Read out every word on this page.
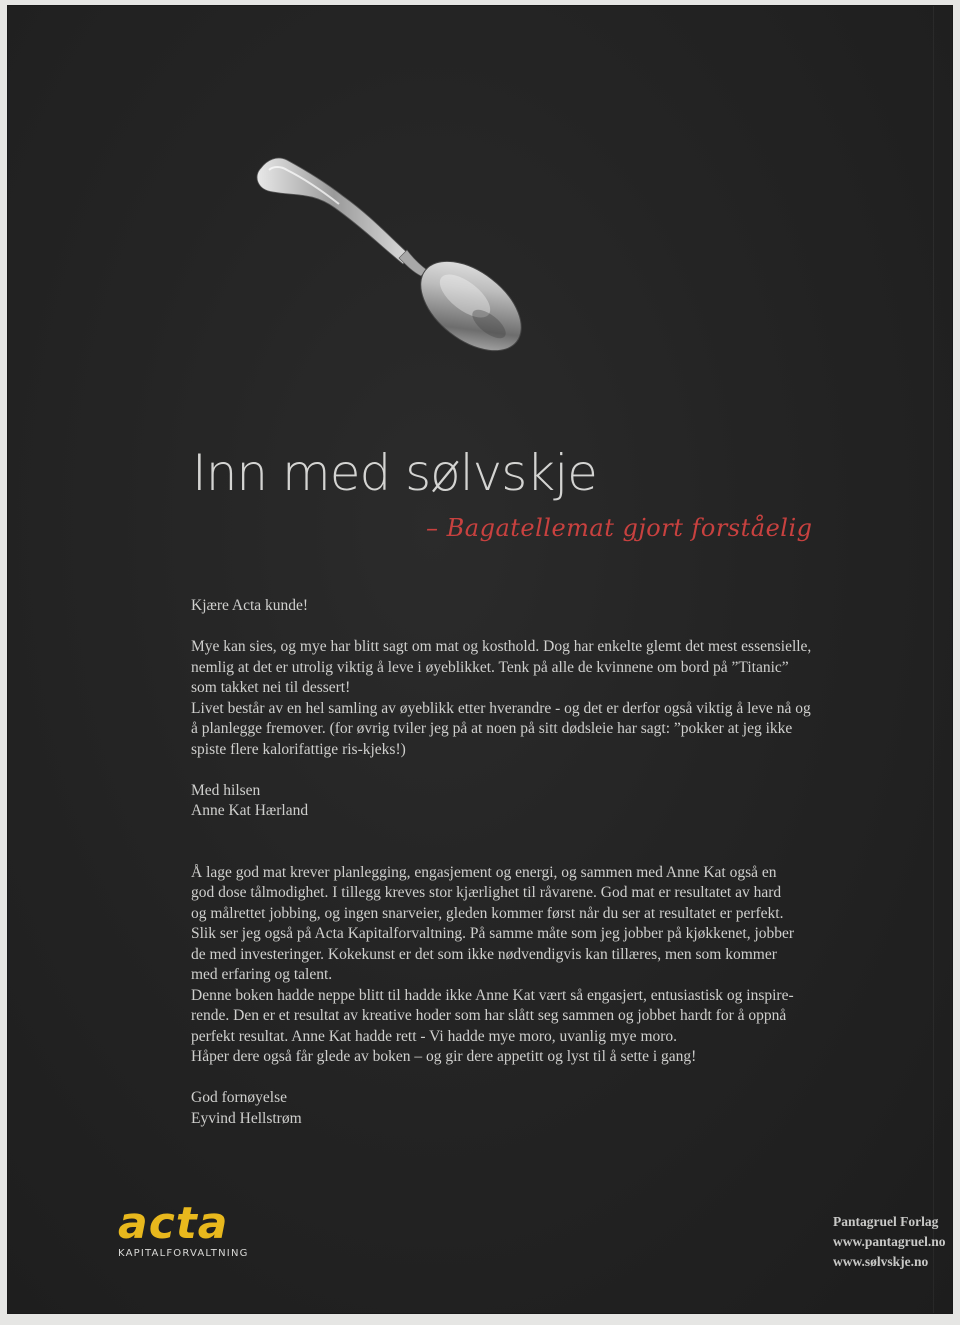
Inn med sølvskje
– Bagatellemat gjort forståelig
Kjære Acta kunde!
Mye kan sies, og mye har blitt sagt om mat og kosthold. Dog har enkelte glemt det mest essensielle,
nemlig at det er utrolig viktig å leve i øyeblikket. Tenk på alle de kvinnene om bord på ”Titanic”
som takket nei til dessert!
Livet består av en hel samling av øyeblikk etter hverandre - og det er derfor også viktig å leve nå og
å planlegge fremover. (for øvrig tviler jeg på at noen på sitt dødsleie har sagt: ”pokker at jeg ikke
spiste flere kalorifattige ris-kjeks!)
Med hilsen
Anne Kat Hærland
Å lage god mat krever planlegging, engasjement og energi, og sammen med Anne Kat også en
god dose tålmodighet. I tillegg kreves stor kjærlighet til råvarene. God mat er resultatet av hard
og målrettet jobbing, og ingen snarveier, gleden kommer først når du ser at resultatet er perfekt.
Slik ser jeg også på Acta Kapitalforvaltning. På samme måte som jeg jobber på kjøkkenet, jobber
de med investeringer. Kokekunst er det som ikke nødvendigvis kan tillæres, men som kommer
med erfaring og talent.
Denne boken hadde neppe blitt til hadde ikke Anne Kat vært så engasjert, entusiastisk og inspire-
rende. Den er et resultat av kreative hoder som har slått seg sammen og jobbet hardt for å oppnå
perfekt resultat. Anne Kat hadde rett - Vi hadde mye moro, uvanlig mye moro.
Håper dere også får glede av boken – og gir dere appetitt og lyst til å sette i gang!
God fornøyelse
Eyvind Hellstrøm
acta
KAPITALFORVALTNING
Pantagruel Forlag
www.pantagruel.no
www.sølvskje.no
